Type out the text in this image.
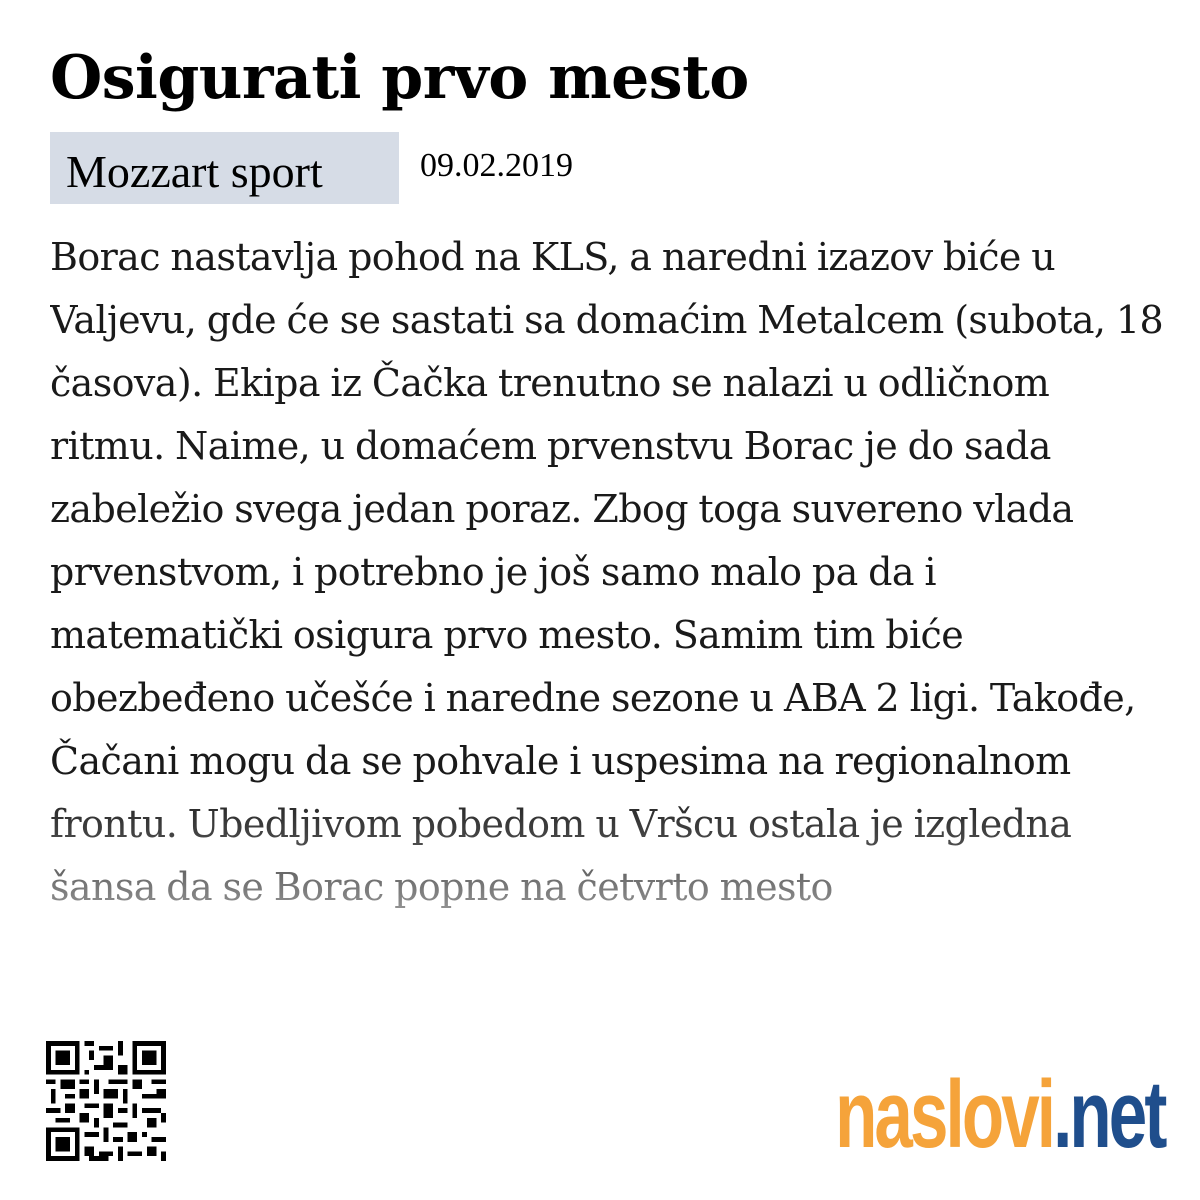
Osigurati prvo mesto
Mozzart sport	09.02.2019

Borac nastavlja pohod na KLS, a naredni izazov biće u Valjevu, gde će se sastati sa domaćim Metalcem (subota, 18 časova). Ekipa iz Čačka trenutno se nalazi u odličnom ritmu. Naime, u domaćem prvenstvu Borac je do sada zabeležio svega jedan poraz. Zbog toga suvereno vlada prvenstvom, i potrebno je još samo malo pa da i matematički osigura prvo mesto. Samim tim biće obezbeđeno učešće i naredne sezone u ABA 2 ligi. Takođe, Čačani mogu da se pohvale i uspesima na regionalnom frontu. Ubedljivom pobedom u Vršcu ostala je izgledna šansa da se Borac popne na četvrto mesto

naslovi.net
